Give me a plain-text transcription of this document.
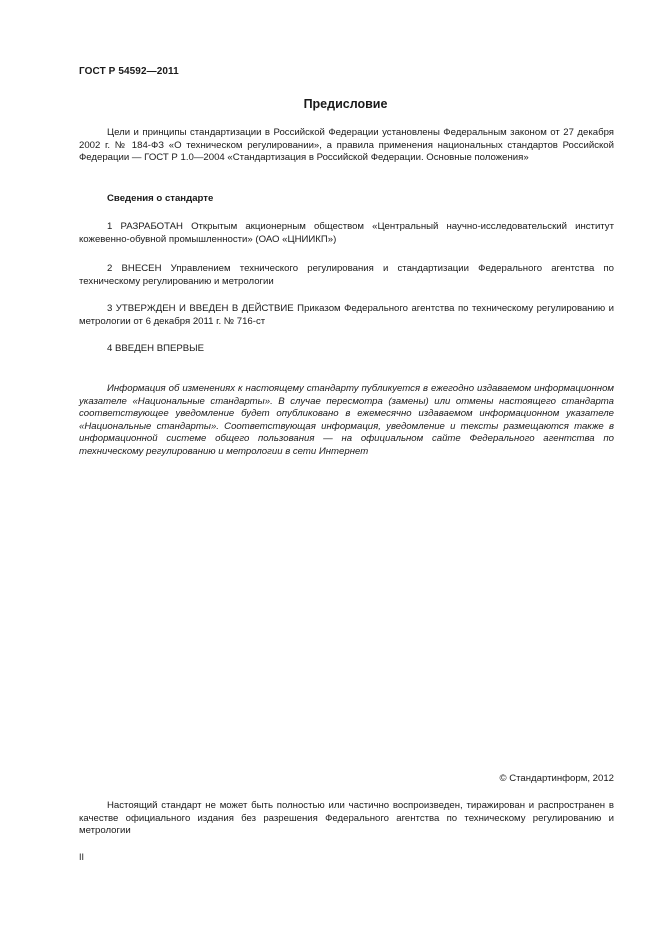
ГОСТ Р 54592—2011
Предисловие

Цели и принципы стандартизации в Российской Федерации установлены Федеральным законом от 27 декабря 2002 г. № 184-ФЗ «О техническом регулировании», а правила применения национальных стандартов Российской Федерации — ГОСТ Р 1.0—2004 «Стандартизация в Российской Федерации. Основные положения»

Сведения о стандарте

1 РАЗРАБОТАН Открытым акционерным обществом «Центральный научно-исследовательский институт кожевенно-обувной промышленности» (ОАО «ЦНИИКП»)

2 ВНЕСЕН Управлением технического регулирования и стандартизации Федерального агентства по техническому регулированию и метрологии

3 УТВЕРЖДЕН И ВВЕДЕН В ДЕЙСТВИЕ Приказом Федерального агентства по техническому регулированию и метрологии от 6 декабря 2011 г. № 716-ст

4 ВВЕДЕН ВПЕРВЫЕ

Информация об изменениях к настоящему стандарту публикуется в ежегодно издаваемом информационном указателе «Национальные стандарты». В случае пересмотра (замены) или отмены настоящего стандарта соответствующее уведомление будет опубликовано в ежемесячно издаваемом информационном указателе «Национальные стандарты». Соответствующая информация, уведомление и тексты размещаются также в информационной системе общего пользования — на официальном сайте Федерального агентства по техническому регулированию и метрологии в сети Интернет

© Стандартинформ, 2012

Настоящий стандарт не может быть полностью или частично воспроизведен, тиражирован и распространен в качестве официального издания без разрешения Федерального агентства по техническому регулированию и метрологии

II
